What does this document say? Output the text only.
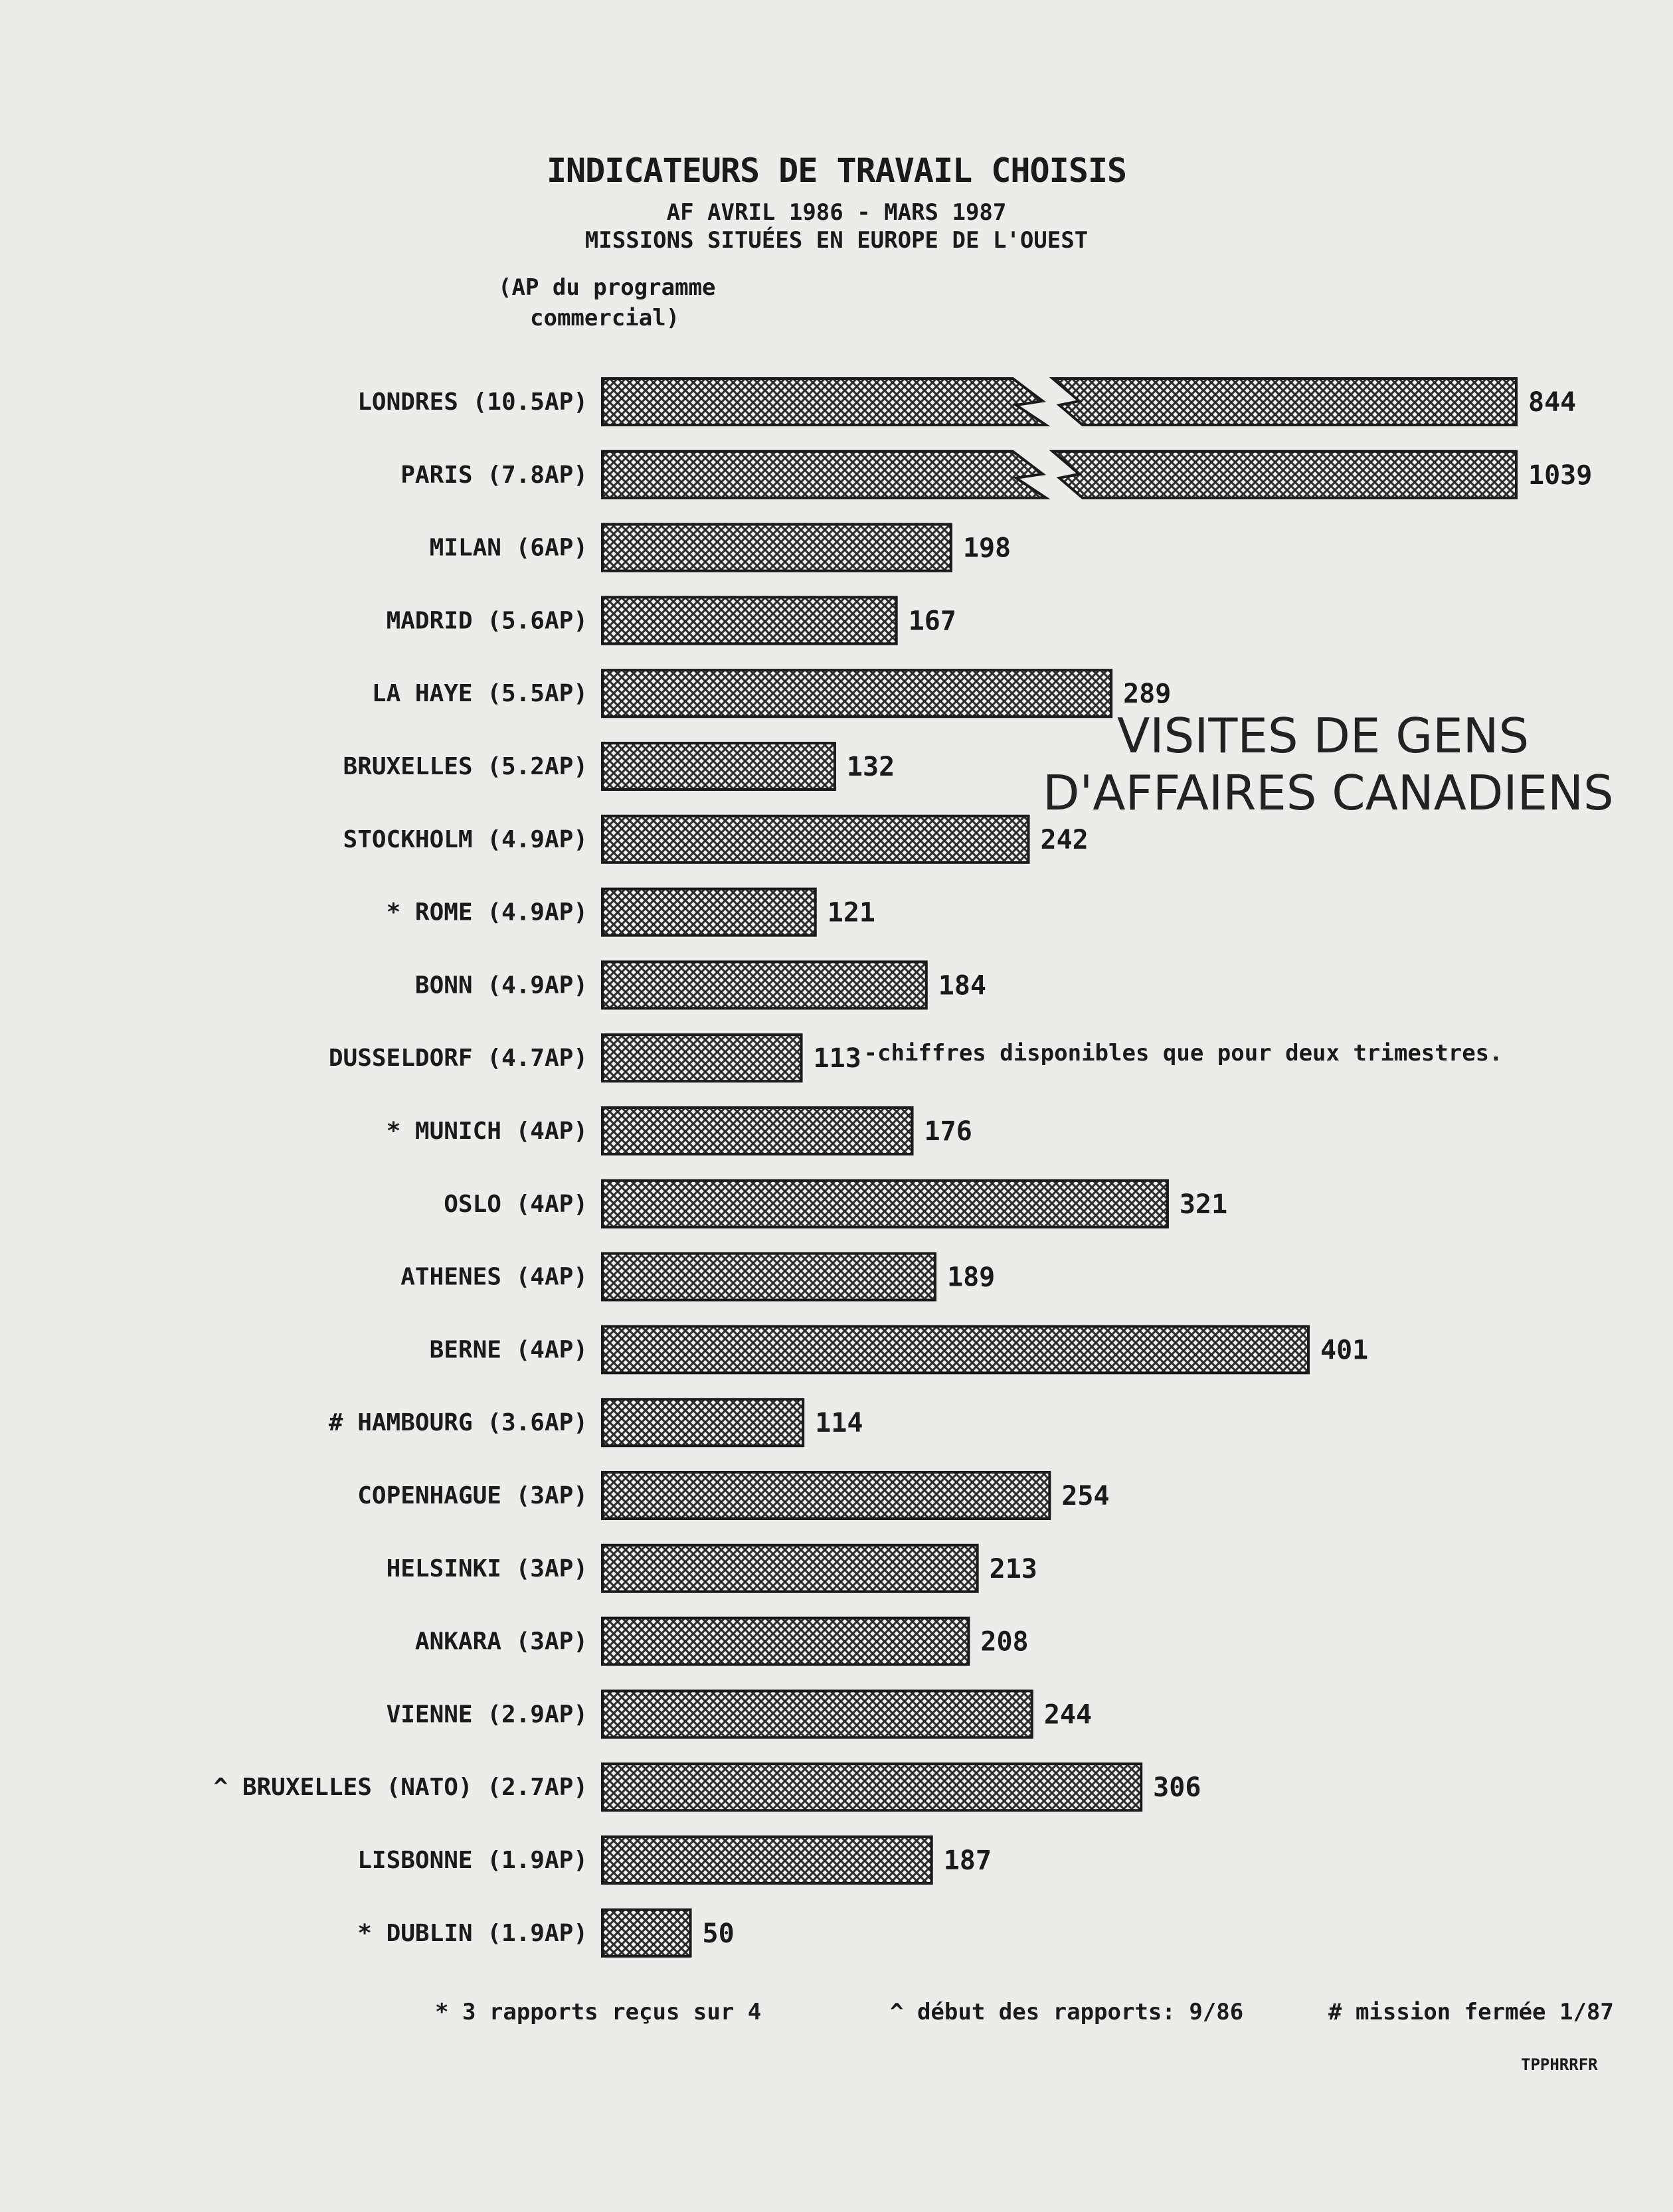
LONDRES (10.5AP)	844
PARIS (7.8AP)	1039
MILAN (6AP)	198
MADRID (5.6AP)	167
LA HAYE (5.5AP)	289
BRUXELLES (5.2AP)	132
STOCKHOLM (4.9AP)	242
* ROME (4.9AP)	121
BONN (4.9AP)	184
DUSSELDORF (4.7AP)	113 -chiffres disponibles que pour deux trimestres.
* MUNICH (4AP)	176
OSLO (4AP)	321
ATHENES (4AP)	189
BERNE (4AP)	401
# HAMBOURG (3.6AP)	114
COPENHAGUE (3AP)	254
HELSINKI (3AP)	213
ANKARA (3AP)	208
VIENNE (2.9AP)	244
^ BRUXELLES (NATO) (2.7AP)	306
LISBONNE (1.9AP)	187
* DUBLIN (1.9AP)	50
INDICATEURS DE TRAVAIL CHOISIS
AF AVRIL 1986 - MARS 1987
MISSIONS SITUÉES EN EUROPE DE L'OUEST
(AP du programme
commercial)
VISITES DE GENS
D'AFFAIRES CANADIENS
* 3 rapports reçus sur 4	^ début des rapports: 9/86	# mission fermée 1/87
TPPHRRFR
